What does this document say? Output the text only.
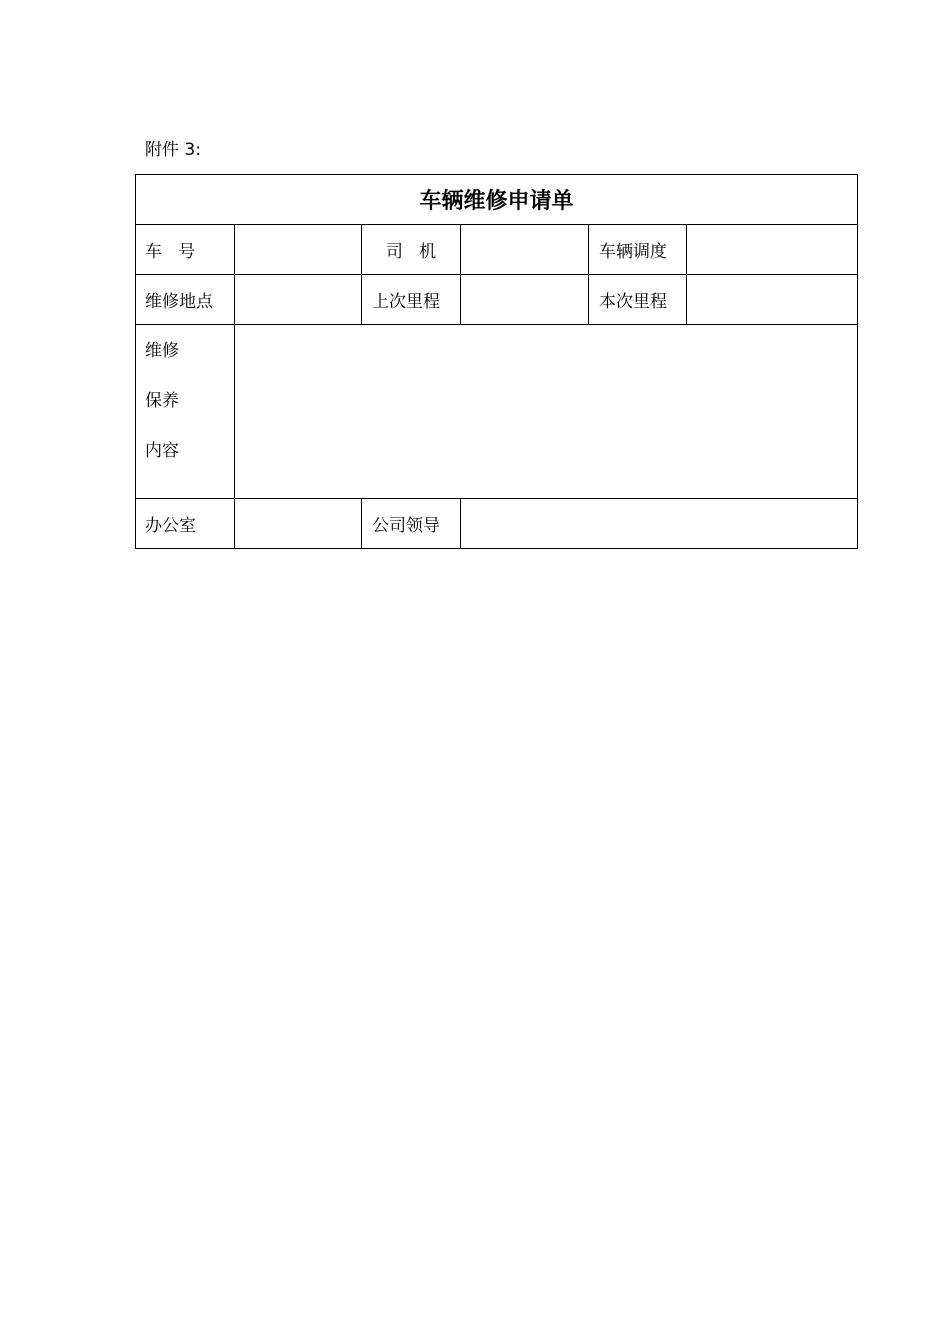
附件 3:
车辆维修申请单					
车   号		司   机		车辆调度	
维修地点		上次里程		本次里程	

维修
保养
内容					

办公室		公司领导			
